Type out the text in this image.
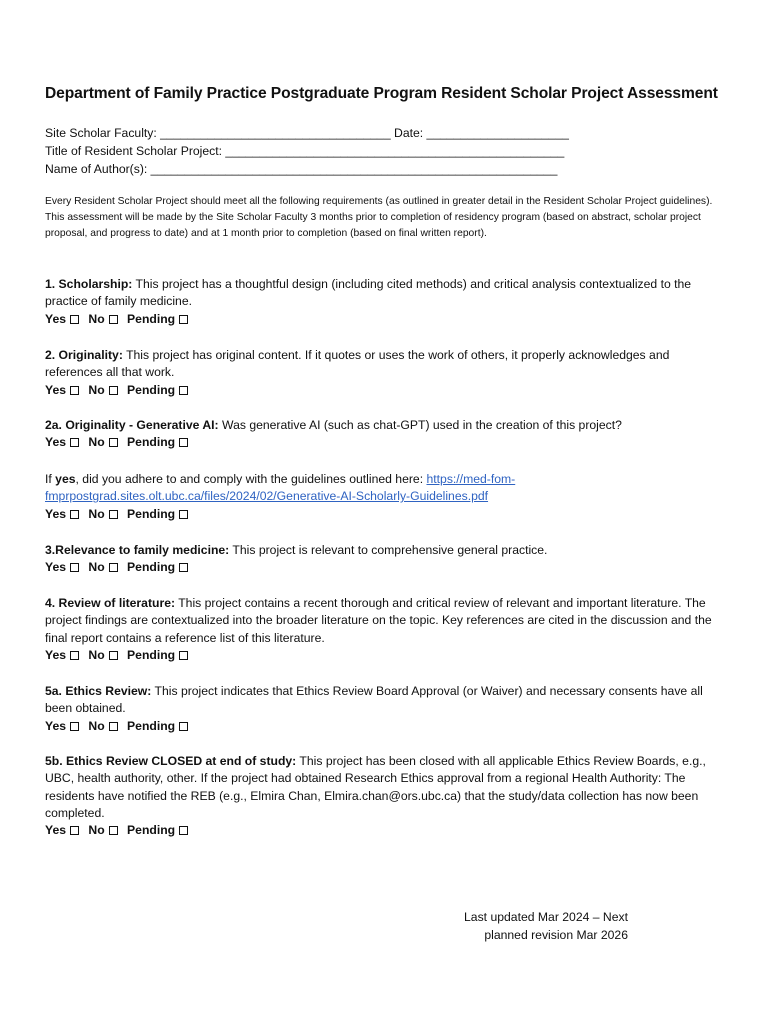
Department of Family Practice Postgraduate Program Resident Scholar Project Assessment
Site Scholar Faculty: __________________________________ Date: _____________________
Title of Resident Scholar Project: __________________________________________________
Name of Author(s): ____________________________________________________________
Every Resident Scholar Project should meet all the following requirements (as outlined in greater detail in the Resident Scholar Project guidelines). This assessment will be made by the Site Scholar Faculty 3 months prior to completion of residency program (based on abstract, scholar project proposal, and progress to date) and at 1 month prior to completion (based on final written report).
1. Scholarship: This project has a thoughtful design (including cited methods) and critical analysis contextualized to the practice of family medicine.
Yes No Pending
2. Originality: This project has original content. If it quotes or uses the work of others, it properly acknowledges and references all that work.
Yes No Pending
2a. Originality - Generative AI: Was generative AI (such as chat-GPT) used in the creation of this project?
Yes No Pending
If yes, did you adhere to and comply with the guidelines outlined here: https://med-fom-fmprpostgrad.sites.olt.ubc.ca/files/2024/02/Generative-AI-Scholarly-Guidelines.pdf
Yes No Pending
3.Relevance to family medicine: This project is relevant to comprehensive general practice.
Yes No Pending
4. Review of literature: This project contains a recent thorough and critical review of relevant and important literature. The project findings are contextualized into the broader literature on the topic. Key references are cited in the discussion and the final report contains a reference list of this literature.
Yes No Pending
5a. Ethics Review: This project indicates that Ethics Review Board Approval (or Waiver) and necessary consents have all been obtained.
Yes No Pending
5b. Ethics Review CLOSED at end of study: This project has been closed with all applicable Ethics Review Boards, e.g., UBC, health authority, other. If the project had obtained Research Ethics approval from a regional Health Authority: The residents have notified the REB (e.g., Elmira Chan, Elmira.chan@ors.ubc.ca) that the study/data collection has now been completed.
Yes No Pending
Last updated Mar 2024 – Next
planned revision Mar 2026
